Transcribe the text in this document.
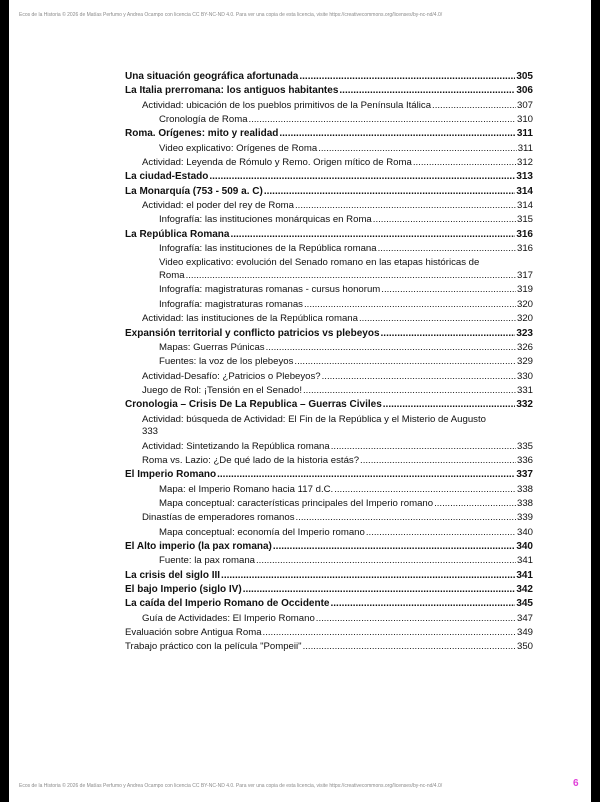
Ecos de la Historia © 2026 de Matías Perfumo y Andrea Ocampo con licencia CC BY-NC-ND 4.0. Para ver una copia de esta licencia, visite https://creativecommons.org/licenses/by-nc-nd/4.0/
Una situación geográfica afortunada .....	305
La Italia prerromana: los antiguos habitantes .....	306
Actividad: ubicación de los pueblos primitivos de la Península Itálica .....	307
Cronología de Roma .....	310
Roma. Orígenes: mito y realidad .....	311
Video explicativo: Orígenes de Roma .....	311
Actividad: Leyenda de Rómulo y Remo. Origen mítico de Roma .....	312
La ciudad-Estado .....	313
La Monarquía (753 - 509 a. C) .....	314
Actividad: el poder del rey de Roma .....	314
Infografía: las instituciones monárquicas en Roma .....	315
La República Romana .....	316
Infografía: las instituciones de la República romana .....	316
Video explicativo: evolución del Senado romano en las etapas históricas de
Roma .....	317
Infografía: magistraturas romanas - cursus honorum .....	319
Infografía: magistraturas romanas .....	320
Actividad: las instituciones de la República romana .....	320
Expansión territorial y conflicto patricios vs plebeyos .....	323
Mapas: Guerras Púnicas .....	326
Fuentes: la voz de los plebeyos .....	329
Actividad-Desafío: ¿Patricios o Plebeyos? .....	330
Juego de Rol: ¡Tensión en el Senado! .....	331
Cronologia – Crisis De La Republica – Guerras Civiles .....	332
Actividad: búsqueda de Actividad: El Fin de la República y el Misterio de Augusto
333
Actividad: Sintetizando la República romana .....	335
Roma vs. Lazio: ¿De qué lado de la historia estás? .....	336
El Imperio Romano .....	337
Mapa: el Imperio Romano hacia 117 d.C. .....	338
Mapa conceptual: características principales del Imperio romano .....	338
Dinastías de emperadores romanos .....	339
Mapa conceptual: economía del Imperio romano .....	340
El Alto imperio (la pax romana) .....	340
Fuente: la pax romana .....	341
La crisis del siglo III .....	341
El bajo Imperio (siglo IV) .....	342
La caída del Imperio Romano de Occidente .....	345
Guía de Actividades: El Imperio Romano .....	347
Evaluación sobre Antigua Roma .....	349
Trabajo práctico con la película "Pompeii" .....	350
Ecos de la Historia © 2026 de Matías Perfumo y Andrea Ocampo con licencia CC BY-NC-ND 4.0. Para ver una copia de esta licencia, visite https://creativecommons.org/licenses/by-nc-nd/4.0/	6
